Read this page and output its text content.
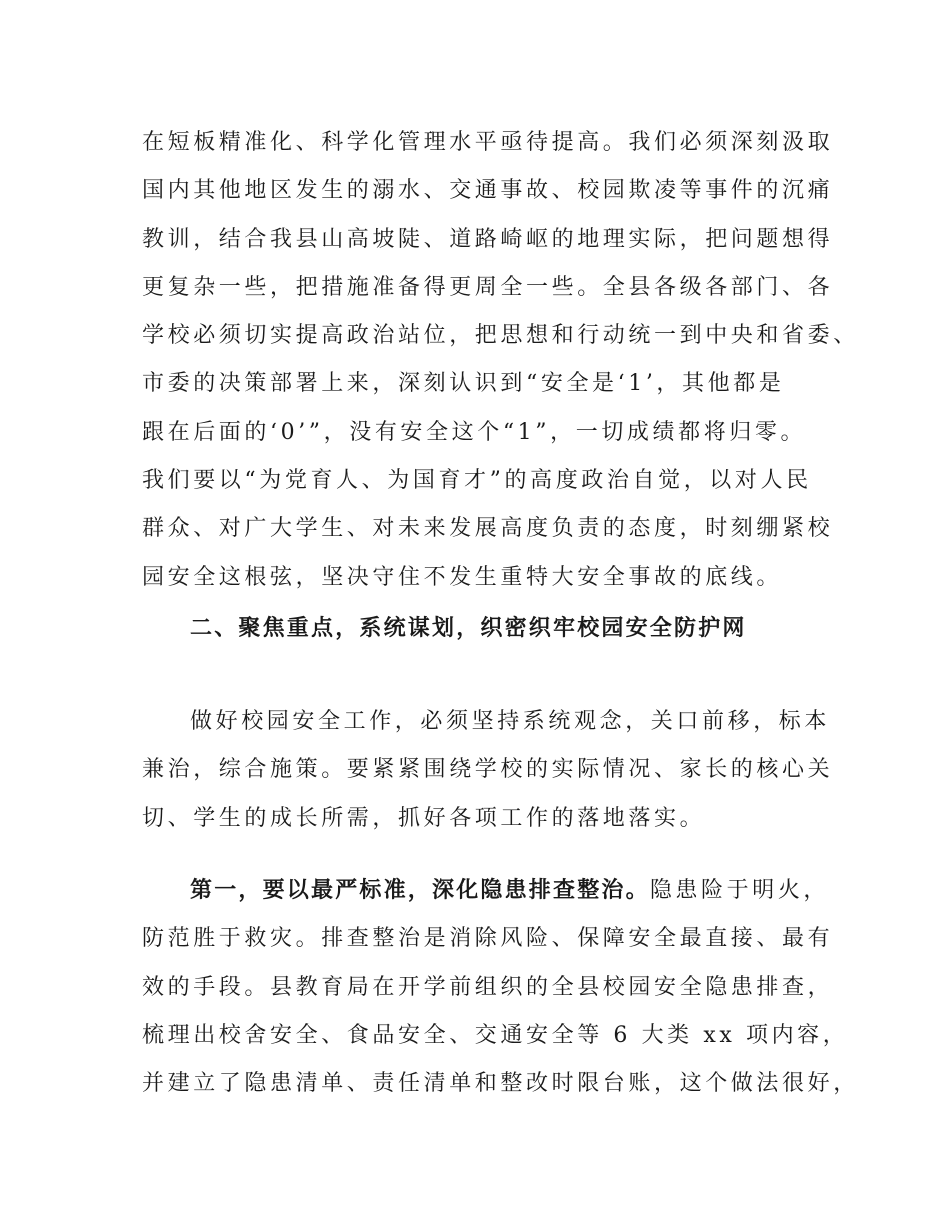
在短板精准化、科学化管理水平亟待提高。我们必须深刻汲取
国内其他地区发生的溺水、交通事故、校园欺凌等事件的沉痛
教训，结合我县山高坡陡、道路崎岖的地理实际，把问题想得
更复杂一些，把措施准备得更周全一些。全县各级各部门、各
学校必须切实提高政治站位，把思想和行动统一到中央和省委、
市委的决策部署上来，深刻认识到“安全是‘1’，其他都是
跟在后面的‘0’”，没有安全这个“1”，一切成绩都将归零。
我们要以“为党育人、为国育才”的高度政治自觉，以对人民
群众、对广大学生、对未来发展高度负责的态度，时刻绷紧校
园安全这根弦，坚决守住不发生重特大安全事故的底线。
二、聚焦重点，系统谋划，织密织牢校园安全防护网
做好校园安全工作，必须坚持系统观念，关口前移，标本
兼治，综合施策。要紧紧围绕学校的实际情况、家长的核心关
切、学生的成长所需，抓好各项工作的落地落实。
第一，要以最严标准，深化隐患排查整治。隐患险于明火，
防范胜于救灾。排查整治是消除风险、保障安全最直接、最有
效的手段。县教育局在开学前组织的全县校园安全隐患排查，
梳理出校舍安全、食品安全、交通安全等 6 大类 xx 项内容，
并建立了隐患清单、责任清单和整改时限台账，这个做法很好，
